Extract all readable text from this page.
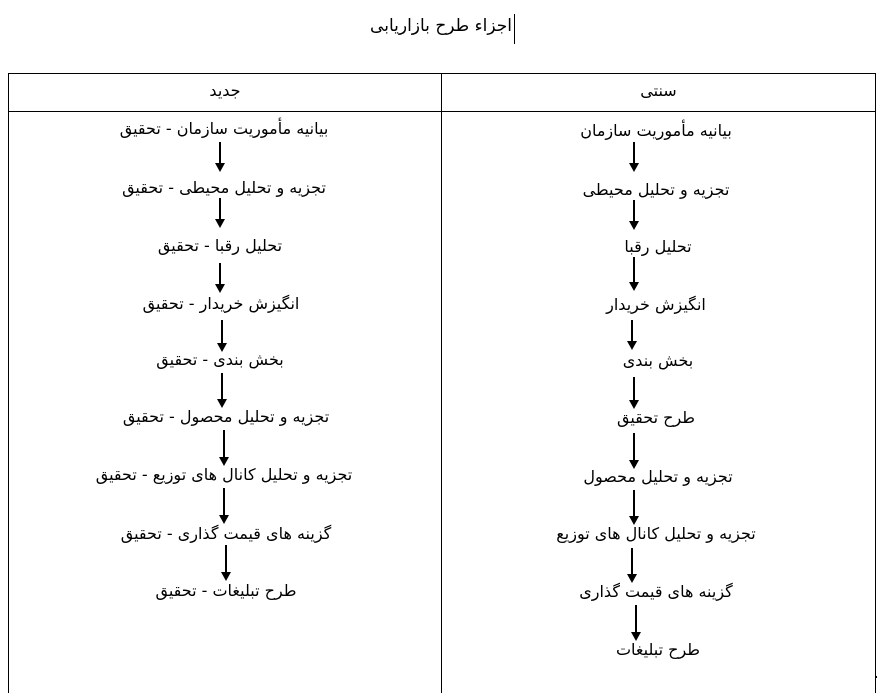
اجزاء طرح بازاریابی
جدید	سنتی
بیانیه مأموریت سازمان - تحقیق
تجزیه و تحلیل محیطی - تحقیق
تحلیل رقبا - تحقیق
انگیزش خریدار - تحقیق
بخش بندی - تحقیق
تجزیه و تحلیل محصول - تحقیق
تجزیه و تحلیل کانال های توزیع - تحقیق
گزینه های قیمت گذاری - تحقیق
طرح تبلیغات - تحقیق
بیانیه مأموریت سازمان
تجزیه و تحلیل محیطی
تحلیل رقبا
انگیزش خریدار
بخش بندی
طرح تحقیق
تجزیه و تحلیل محصول
تجزیه و تحلیل کانال های توزیع
گزینه های قیمت گذاری
طرح تبلیغات
